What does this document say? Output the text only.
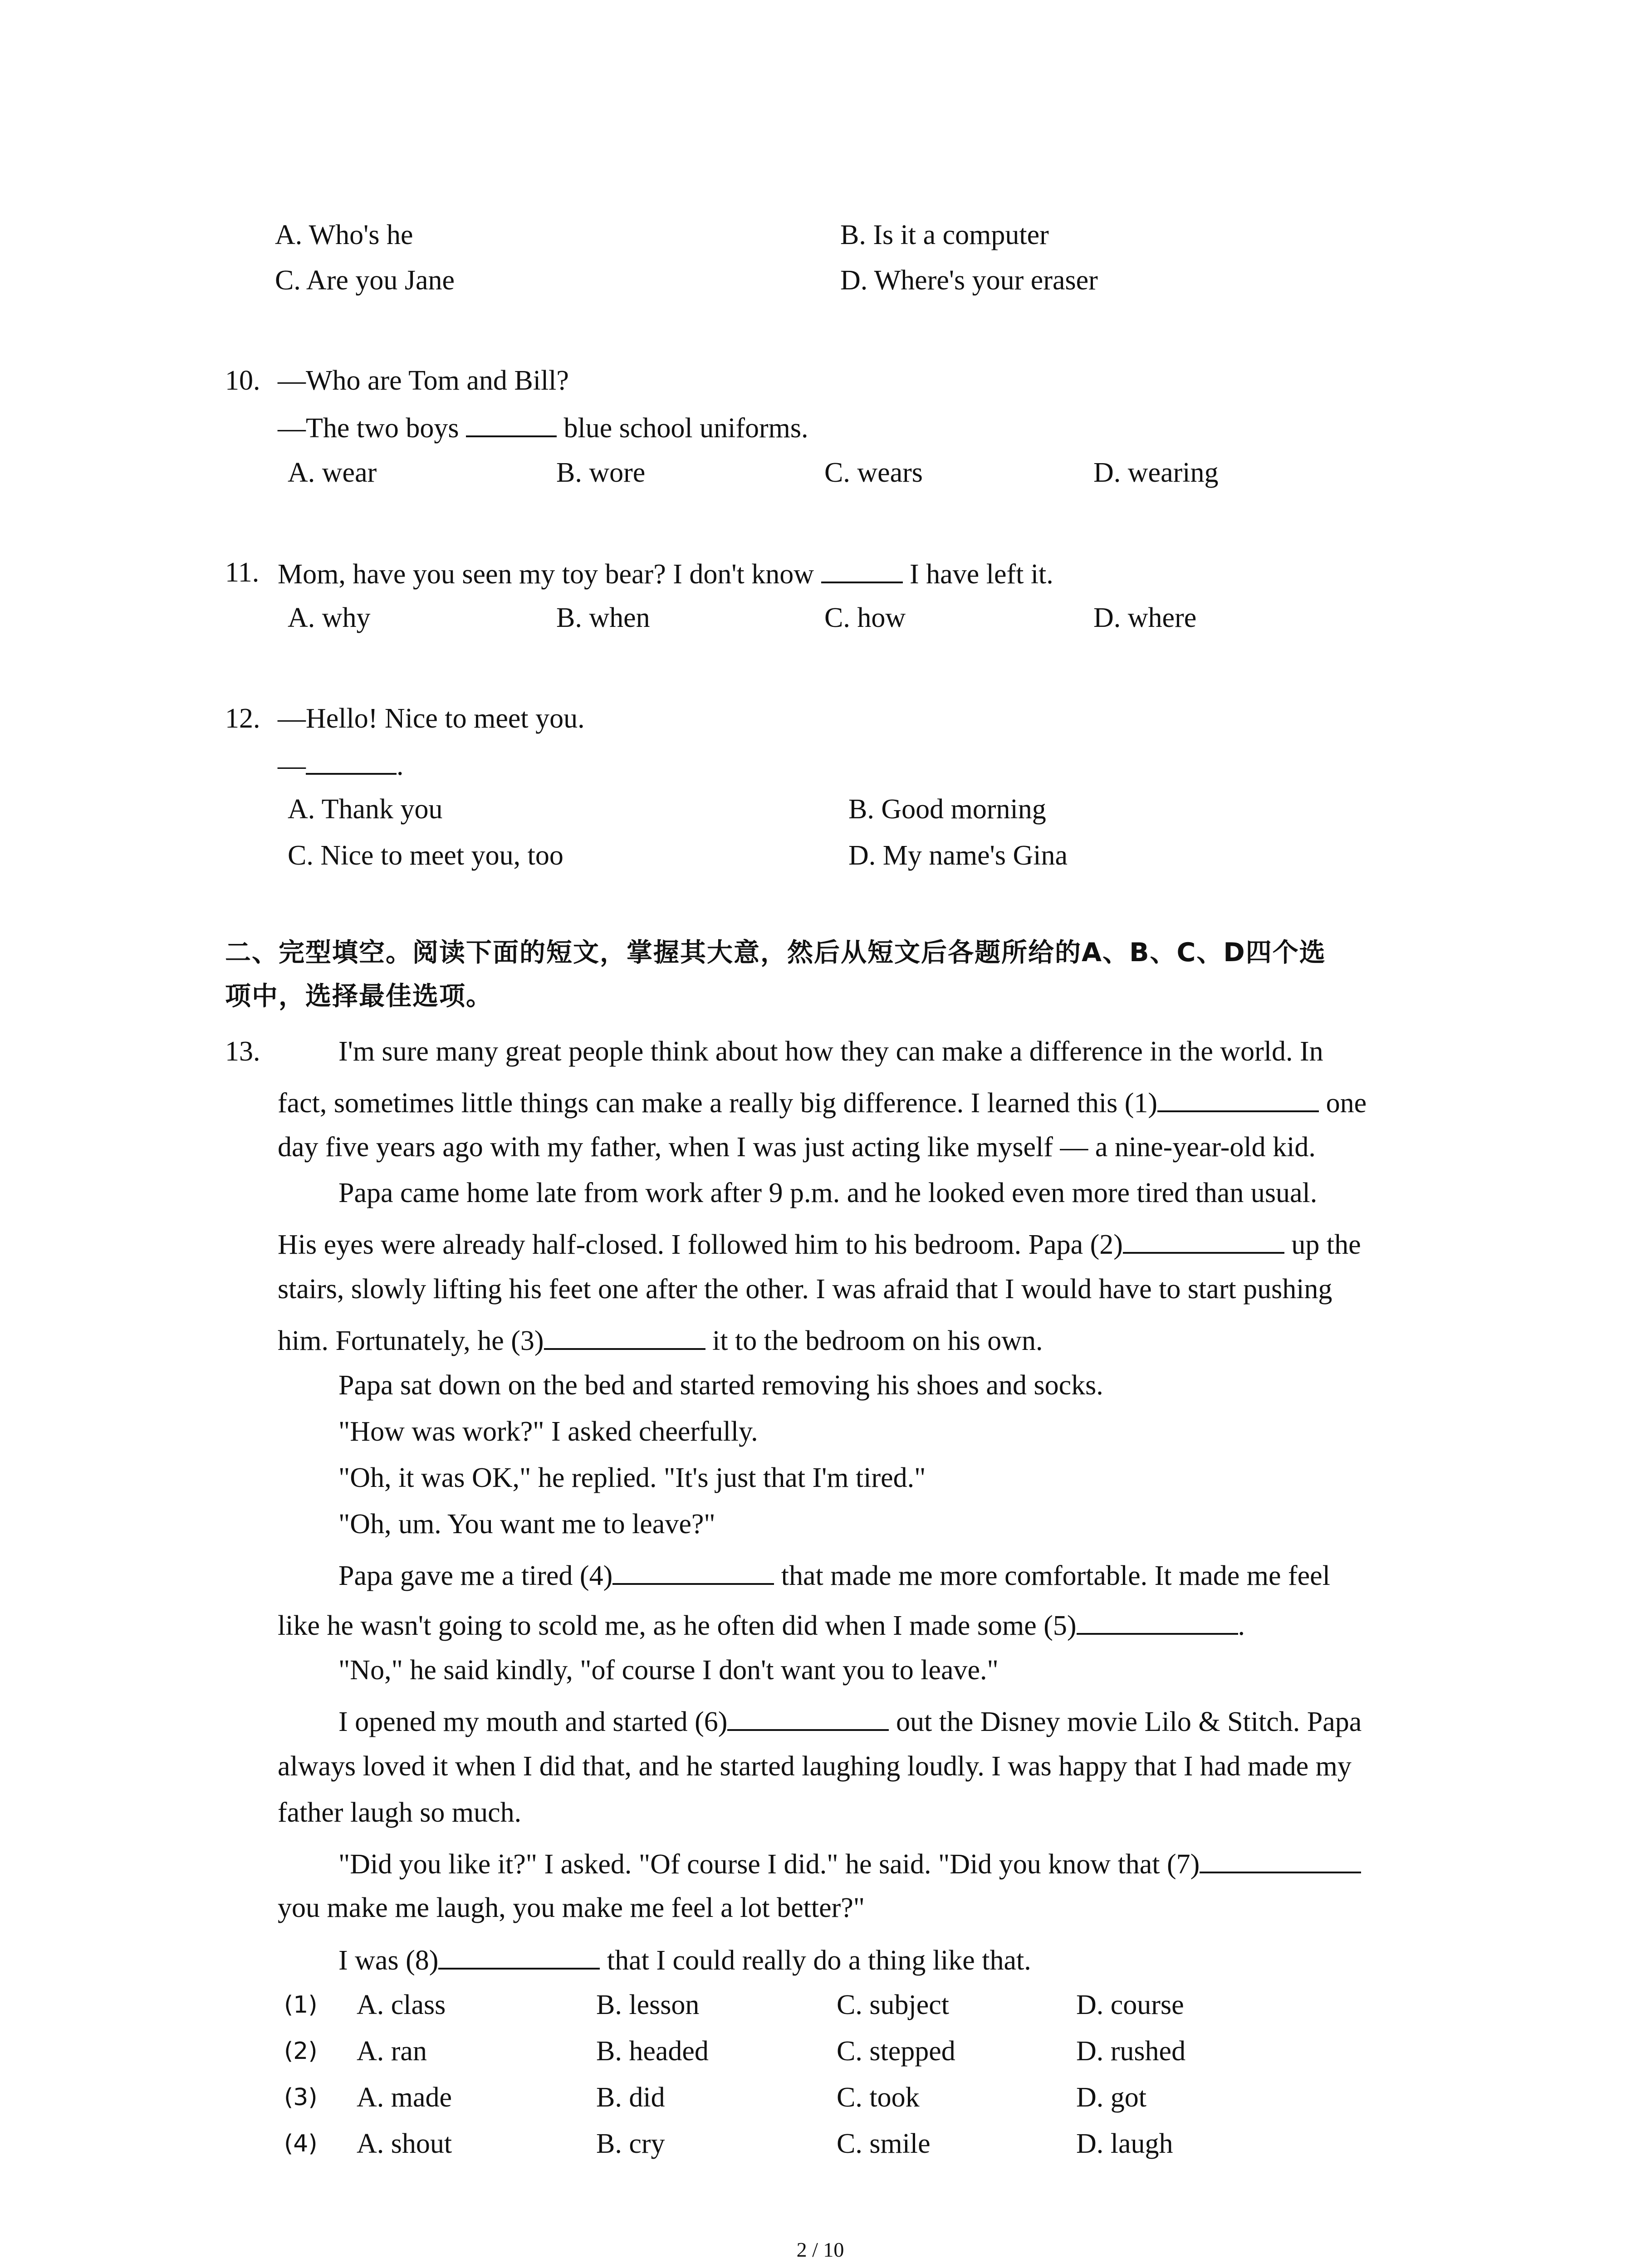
A. Who's he	B. Is it a computer
C. Are you Jane	D. Where's your eraser
10. —Who are Tom and Bill?
—The two boys	blue school uniforms.
A. wear	B. wore	C. wears	D. wearing
11. Mom, have you seen my toy bear? I don't know	I have left it.
A. why	B. when	C. how	D. where
12. —Hello! Nice to meet you.
—	.
A. Thank you	B. Good morning
C. Nice to meet you, too	D. My name's Gina
二、完型填空。阅读下面的短文，掌握其大意，然后从短文后各题所给的A、B、C、D四个选
项中，选择最佳选项。
13.	I'm sure many great people think about how they can make a difference in the world. In
fact, sometimes little things can make a really big difference. I learned this (1)	one
day five years ago with my father, when I was just acting like myself — a nine-year-old kid.
Papa came home late from work after 9 p.m. and he looked even more tired than usual.
His eyes were already half-closed. I followed him to his bedroom. Papa (2)	up the
stairs, slowly lifting his feet one after the other. I was afraid that I would have to start pushing
him. Fortunately, he (3)	it to the bedroom on his own.
Papa sat down on the bed and started removing his shoes and socks.
"How was work?" I asked cheerfully.
"Oh, it was OK," he replied. "It's just that I'm tired."
"Oh, um. You want me to leave?"
Papa gave me a tired (4)	that made me more comfortable. It made me feel
like he wasn't going to scold me, as he often did when I made some (5)	.
"No," he said kindly, "of course I don't want you to leave."
I opened my mouth and started (6)	out the Disney movie Lilo & Stitch. Papa
always loved it when I did that, and he started laughing loudly. I was happy that I had made my
father laugh so much.
"Did you like it?" I asked. "Of course I did." he said. "Did you know that (7)
you make me laugh, you make me feel a lot better?"
I was (8)	that I could really do a thing like that.
(1) A. class	B. lesson	C. subject	D. course
(2) A. ran	B. headed	C. stepped	D. rushed
(3) A. made	B. did	C. took	D. got
(4) A. shout	B. cry	C. smile	D. laugh
2 / 10
